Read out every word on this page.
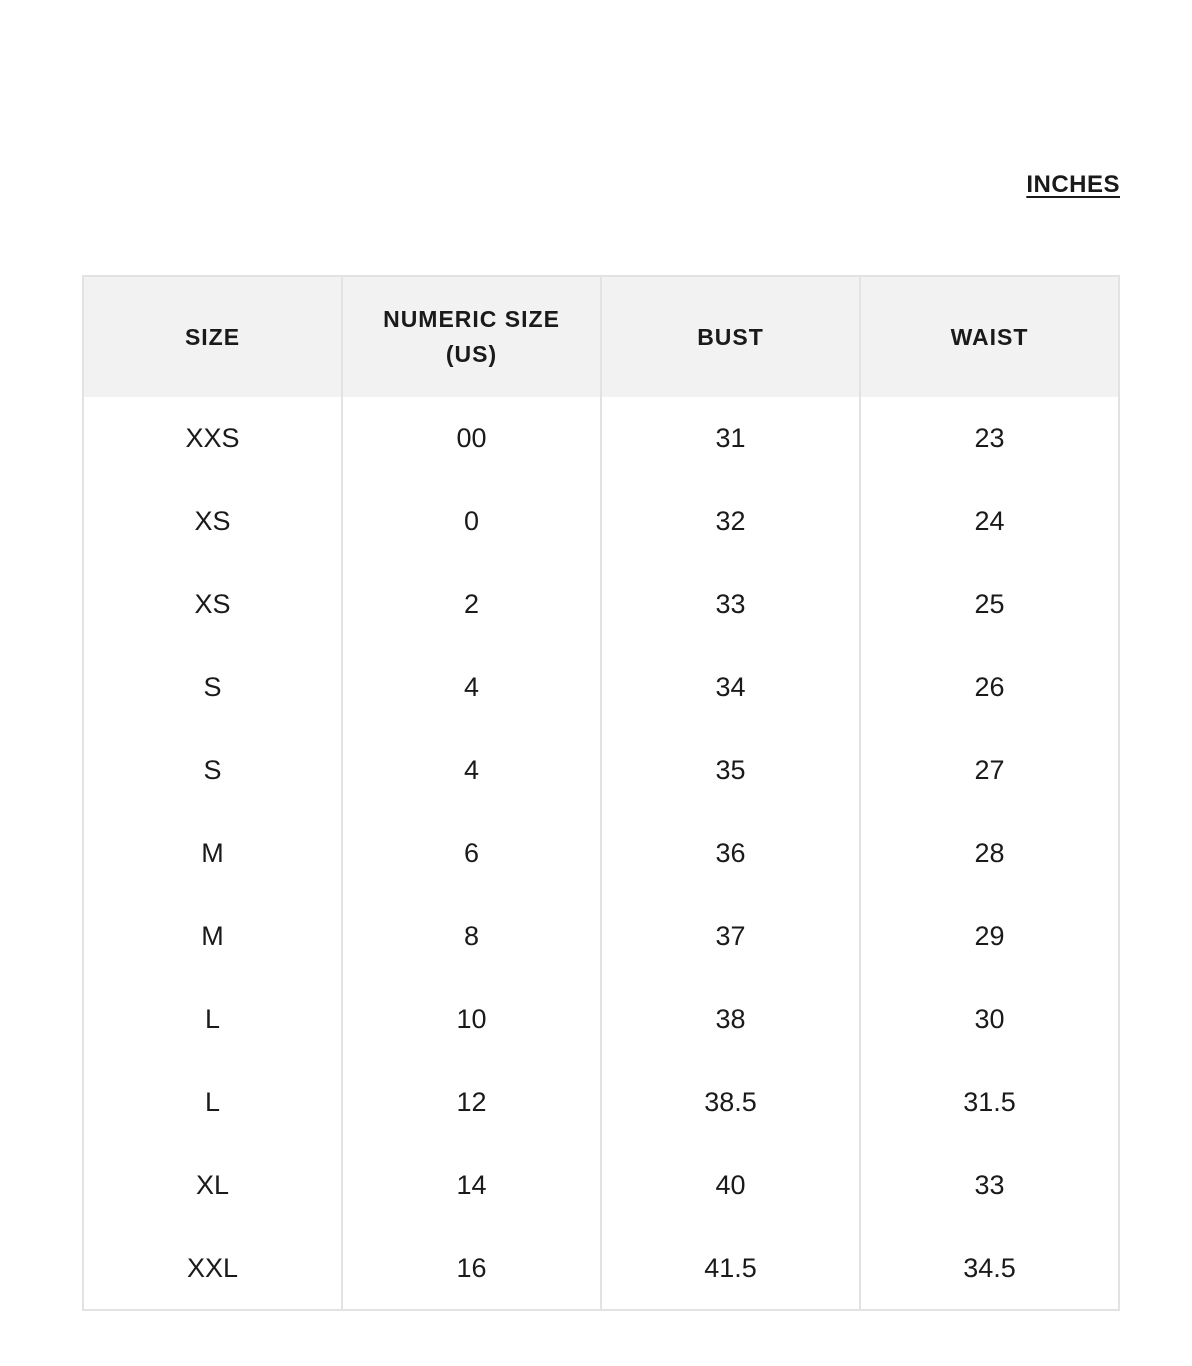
INCHES
SIZE	NUMERIC SIZE (US)	BUST	WAIST
XXS	00	31	23
XS	0	32	24
XS	2	33	25
S	4	34	26
S	4	35	27
M	6	36	28
M	8	37	29
L	10	38	30
L	12	38.5	31.5
XL	14	40	33
XXL	16	41.5	34.5
